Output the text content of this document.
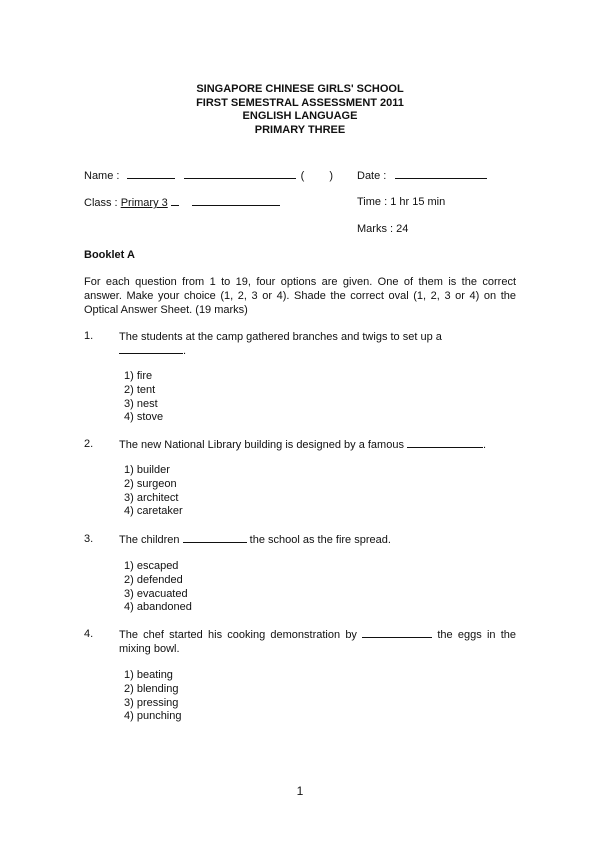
SINGAPORE CHINESE GIRLS' SCHOOL
FIRST SEMESTRAL ASSESSMENT 2011
ENGLISH LANGUAGE
PRIMARY THREE
Name :	( ) Date :
Class : Primary 3	Time : 1 hr 15 min
Marks : 24
Booklet A
For each question from 1 to 19, four options are given. One of them is the correct answer. Make your choice (1, 2, 3 or 4). Shade the correct oval (1, 2, 3 or 4) on the Optical Answer Sheet. (19 marks)
1.	The students at the camp gathered branches and twigs to set up a
.
1) fire
2) tent
3) nest
4) stove
2.	The new National Library building is designed by a famous	.
1) builder
2) surgeon
3) architect
4) caretaker
3.	The children	the school as the fire spread.
1) escaped
2) defended
3) evacuated
4) abandoned
4.	The chef started his cooking demonstration by	the eggs in the mixing bowl.
1) beating
2) blending
3) pressing
4) punching
1
